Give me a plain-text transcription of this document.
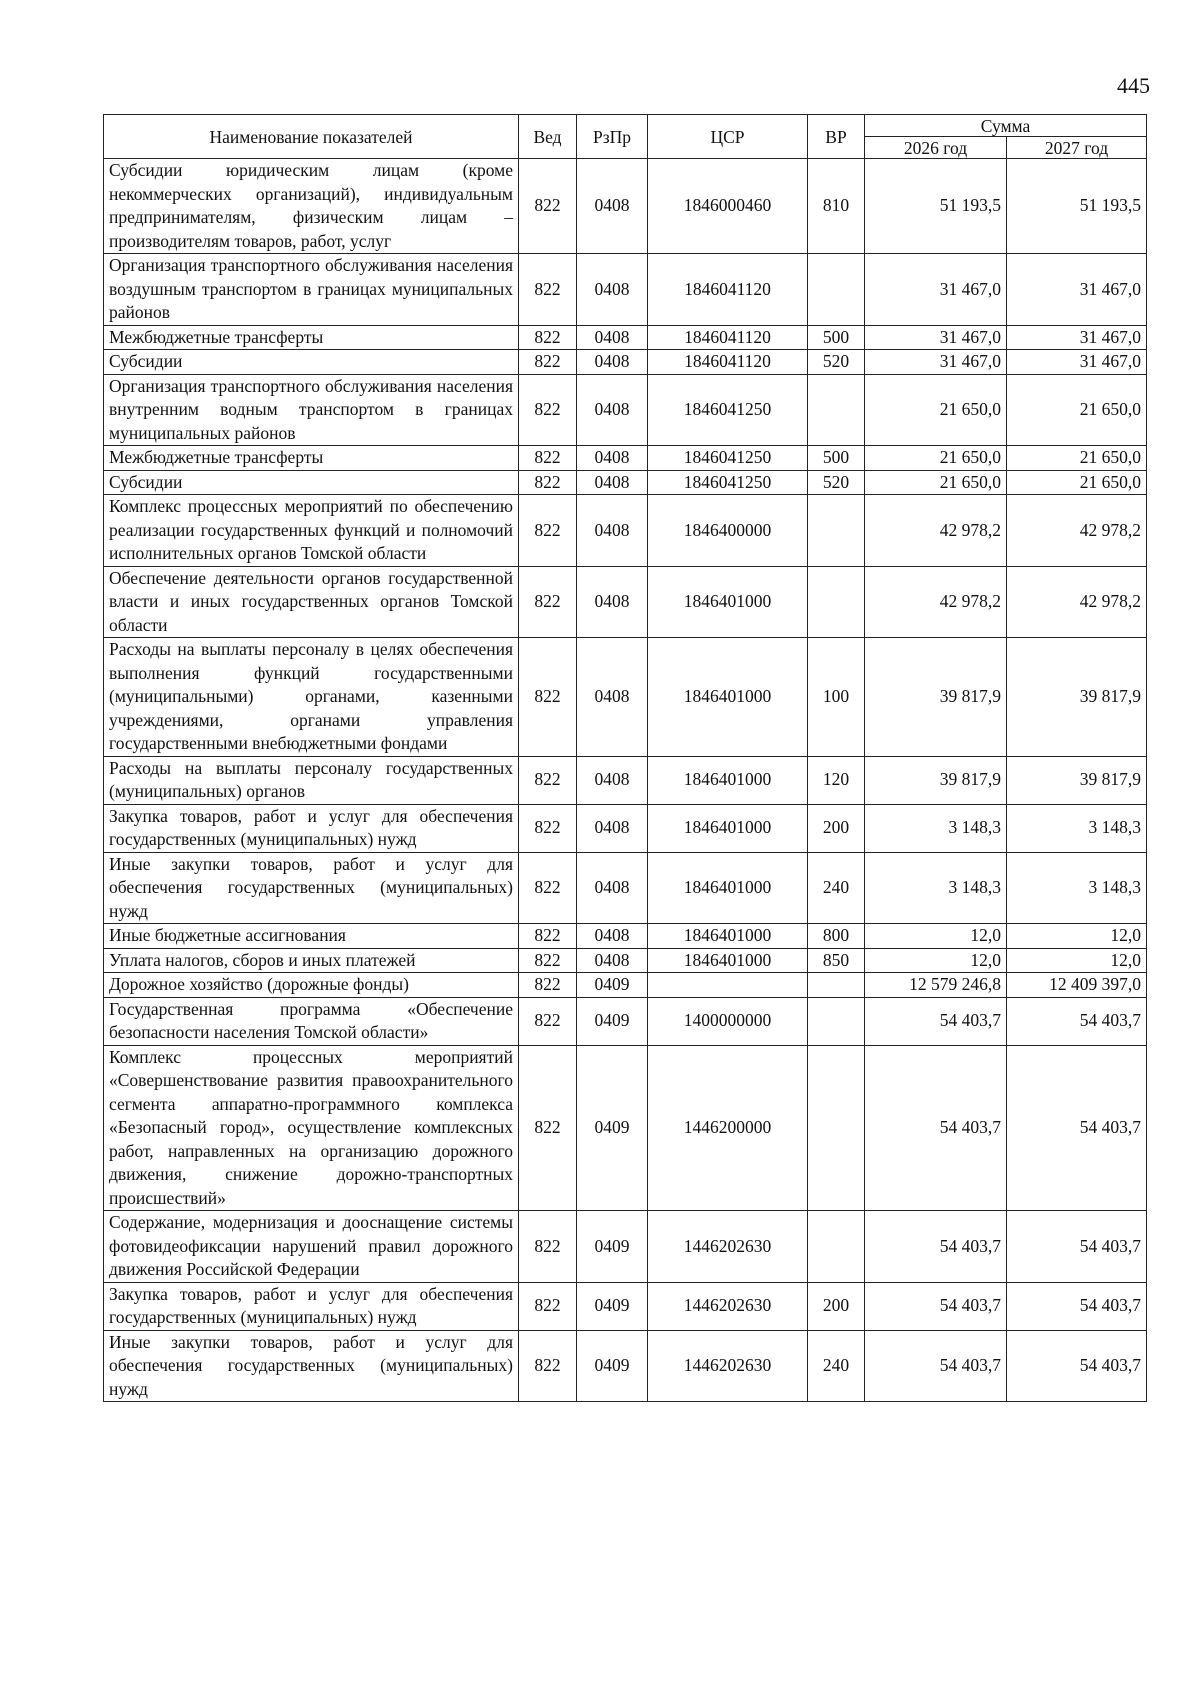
445
Наименование показателей	Вед	РзПр	ЦСР	ВР	Сумма	
					2026 год	2027 год
Субсидии юридическим лицам (кроме некоммерческих организаций), индивидуальным предпринимателям, физическим лицам – производителям товаров, работ, услуг	822	0408	1846000460	810	51 193,5	51 193,5
Организация транспортного обслуживания населения воздушным транспортом в границах муниципальных районов	822	0408	1846041120		31 467,0	31 467,0
Межбюджетные трансферты	822	0408	1846041120	500	31 467,0	31 467,0
Субсидии	822	0408	1846041120	520	31 467,0	31 467,0
Организация транспортного обслуживания населения внутренним водным транспортом в границах муниципальных районов	822	0408	1846041250		21 650,0	21 650,0
Межбюджетные трансферты	822	0408	1846041250	500	21 650,0	21 650,0
Субсидии	822	0408	1846041250	520	21 650,0	21 650,0
Комплекс процессных мероприятий по обеспечению реализации государственных функций и полномочий исполнительных органов Томской области	822	0408	1846400000		42 978,2	42 978,2
Обеспечение деятельности органов государственной власти и иных государственных органов Томской области	822	0408	1846401000		42 978,2	42 978,2
Расходы на выплаты персоналу в целях обеспечения выполнения функций государственными (муниципальными) органами, казенными учреждениями, органами управления государственными внебюджетными фондами	822	0408	1846401000	100	39 817,9	39 817,9
Расходы на выплаты персоналу государственных (муниципальных) органов	822	0408	1846401000	120	39 817,9	39 817,9
Закупка товаров, работ и услуг для обеспечения государственных (муниципальных) нужд	822	0408	1846401000	200	3 148,3	3 148,3
Иные закупки товаров, работ и услуг для обеспечения государственных (муниципальных) нужд	822	0408	1846401000	240	3 148,3	3 148,3
Иные бюджетные ассигнования	822	0408	1846401000	800	12,0	12,0
Уплата налогов, сборов и иных платежей	822	0408	1846401000	850	12,0	12,0
Дорожное хозяйство (дорожные фонды)	822	0409			12 579 246,8	12 409 397,0
Государственная программа «Обеспечение безопасности населения Томской области»	822	0409	1400000000		54 403,7	54 403,7
Комплекс процессных мероприятий «Совершенствование развития правоохранительного сегмента аппаратно-программного комплекса «Безопасный город», осуществление комплексных работ, направленных на организацию дорожного движения, снижение дорожно-транспортных происшествий»	822	0409	1446200000		54 403,7	54 403,7
Содержание, модернизация и дооснащение системы фотовидеофиксации нарушений правил дорожного движения Российской Федерации	822	0409	1446202630		54 403,7	54 403,7
Закупка товаров, работ и услуг для обеспечения государственных (муниципальных) нужд	822	0409	1446202630	200	54 403,7	54 403,7
Иные закупки товаров, работ и услуг для обеспечения государственных (муниципальных) нужд	822	0409	1446202630	240	54 403,7	54 403,7
